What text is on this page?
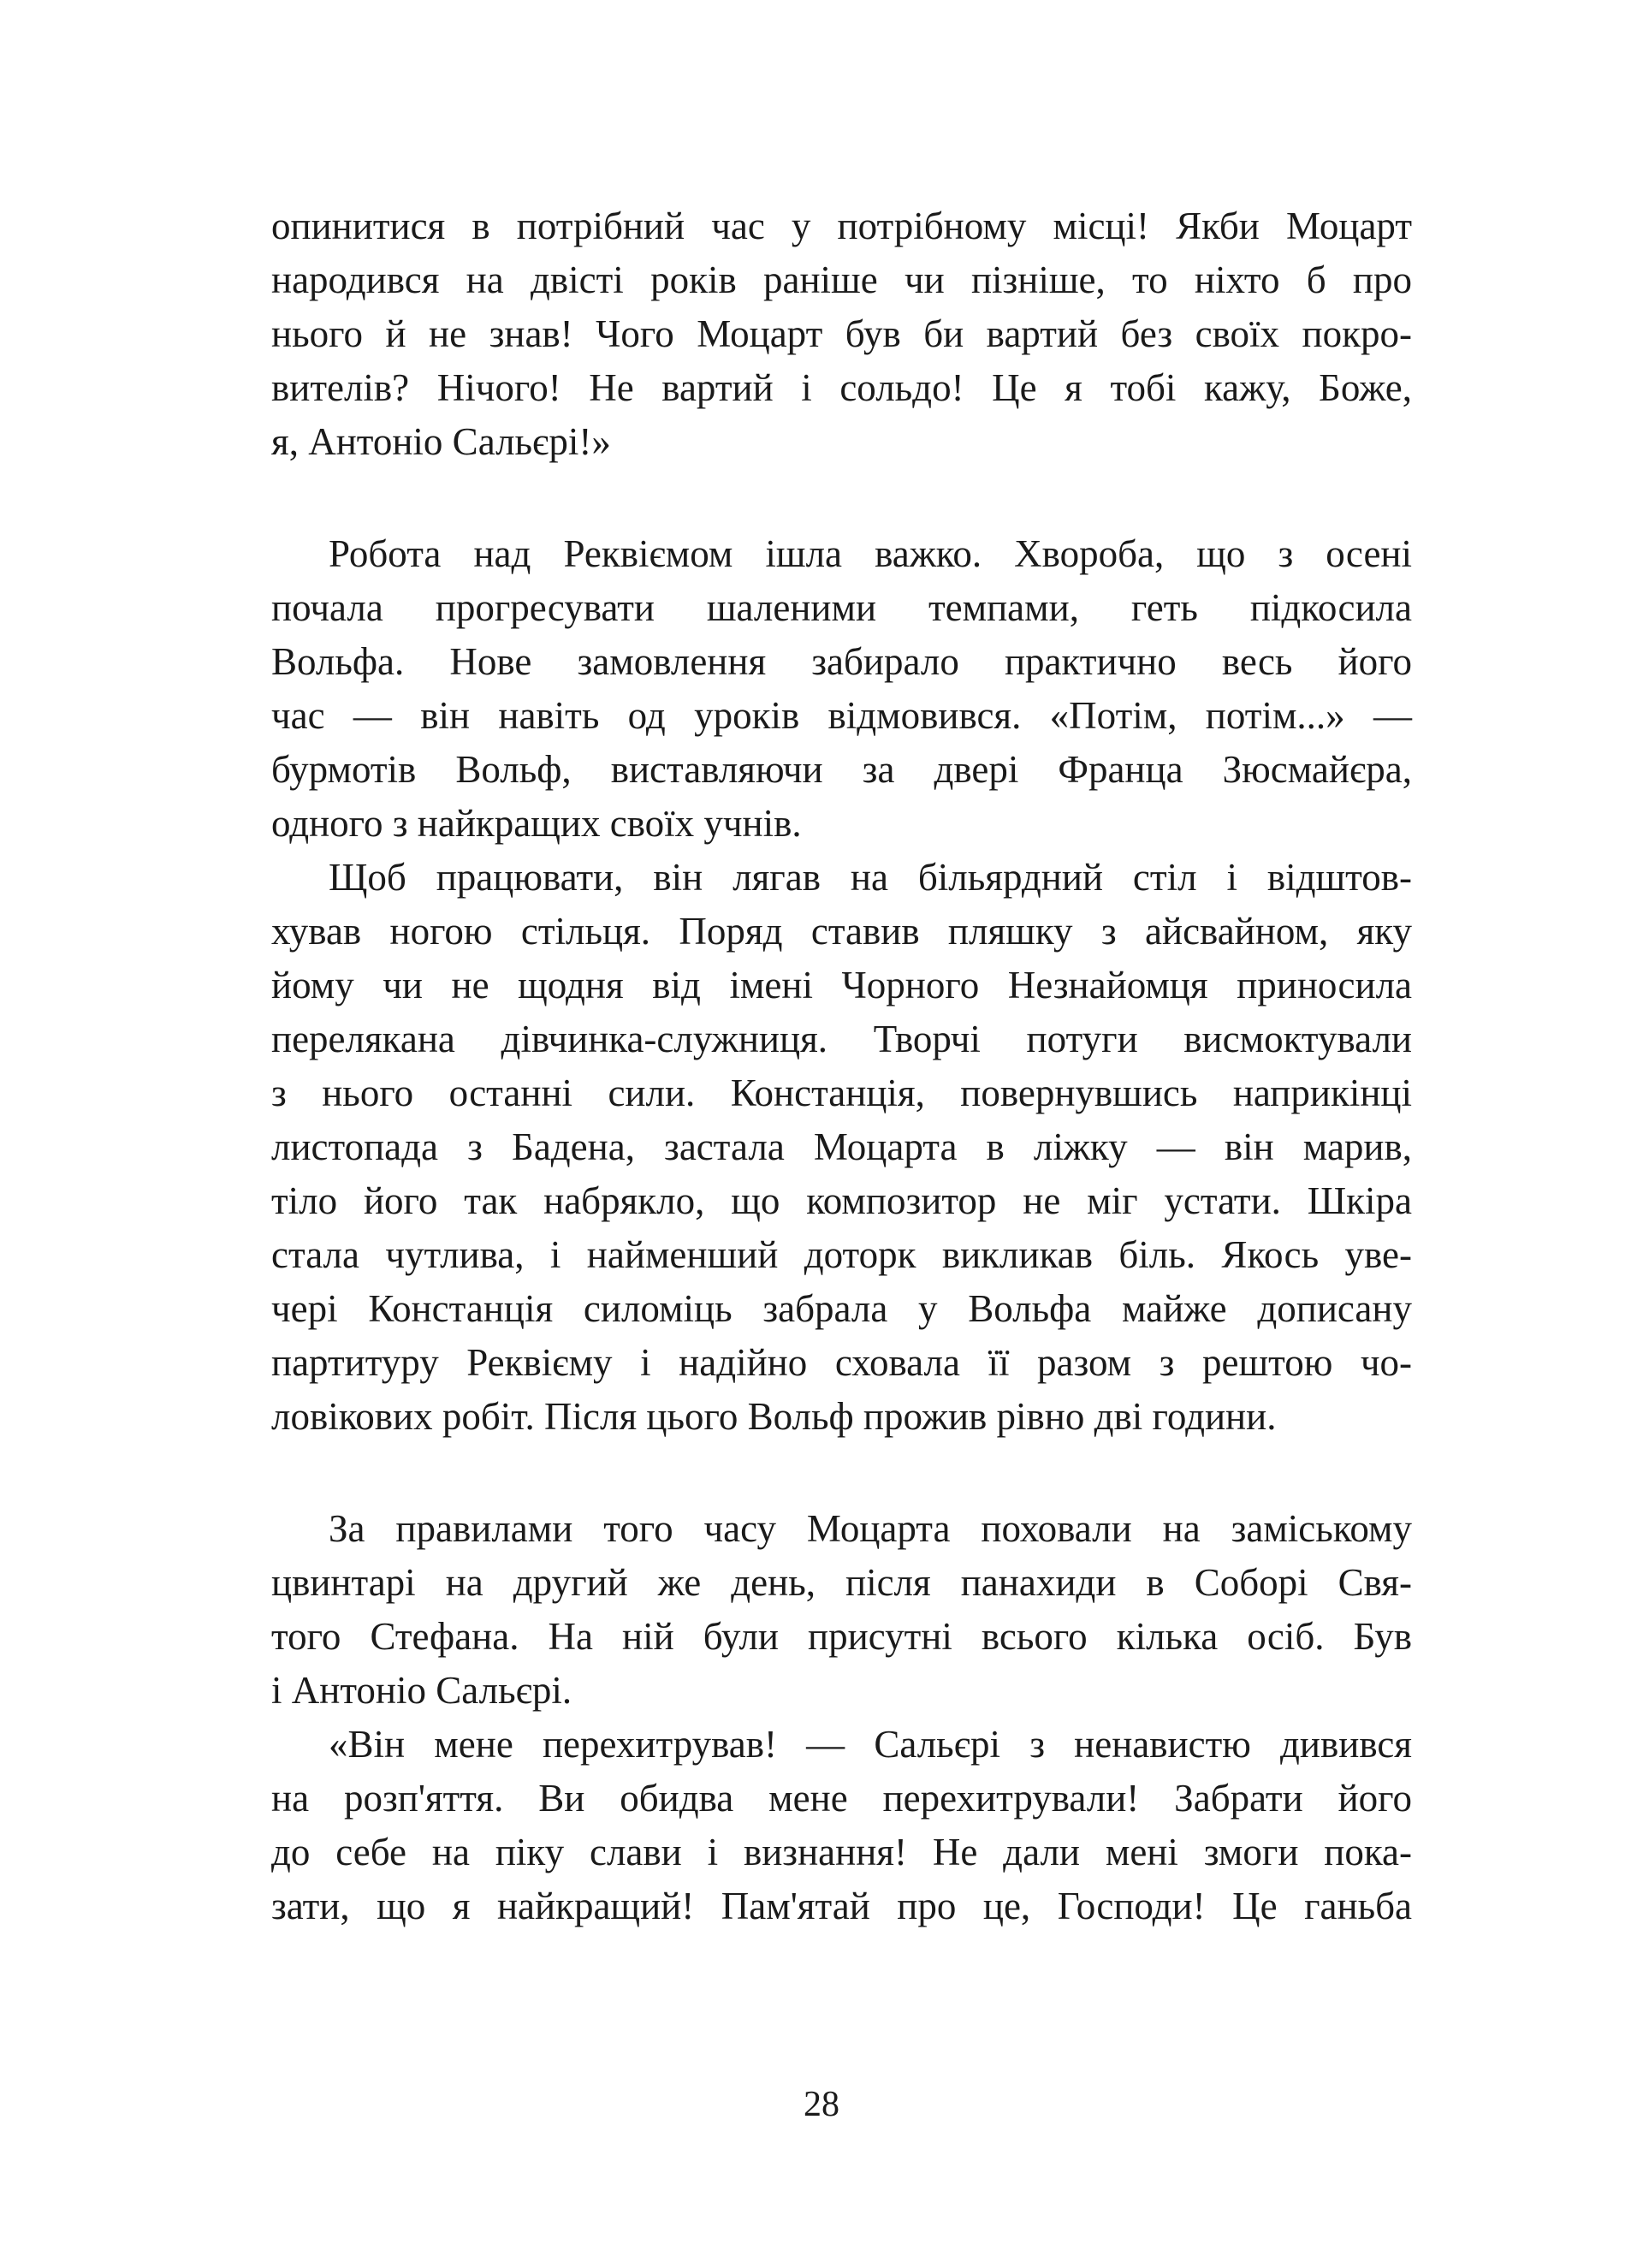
опинитися в потрібний час у потрібному місці! Якби Моцарт
народився на двісті років раніше чи пізніше, то ніхто б про
нього й не знав! Чого Моцарт був би вартий без своїх покро-
вителів? Нічого! Не вартий і сольдо! Це я тобі кажу, Боже,
я, Антоніо Сальєрі!»
Робота над Реквіємом ішла важко. Хвороба, що з осені
почала прогресувати шаленими темпами, геть підкосила
Вольфа. Нове замовлення забирало практично весь його
час — він навіть од уроків відмовився. «Потім, потім...» —
бурмотів Вольф, виставляючи за двері Франца Зюсмайєра,
одного з найкращих своїх учнів.
Щоб працювати, він лягав на більярдний стіл і відштов-
хував ногою стільця. Поряд ставив пляшку з айсвайном, яку
йому чи не щодня від імені Чорного Незнайомця приносила
перелякана дівчинка-служниця. Творчі потуги висмоктували
з нього останні сили. Констанція, повернувшись наприкінці
листопада з Бадена, застала Моцарта в ліжку — він марив,
тіло його так набрякло, що композитор не міг устати. Шкіра
стала чутлива, і найменший доторк викликав біль. Якось уве-
чері Констанція силоміць забрала у Вольфа майже дописану
партитуру Реквієму і надійно сховала її разом з рештою чо-
ловікових робіт. Після цього Вольф прожив рівно дві години.
За правилами того часу Моцарта поховали на заміському
цвинтарі на другий же день, після панахиди в Соборі Свя-
того Стефана. На ній були присутні всього кілька осіб. Був
і Антоніо Сальєрі.
«Він мене перехитрував! — Сальєрі з ненавистю дивився
на розп'яття. Ви обидва мене перехитрували! Забрати його
до себе на піку слави і визнання! Не дали мені змоги пока-
зати, що я найкращий! Пам'ятай про це, Господи! Це ганьба
28
